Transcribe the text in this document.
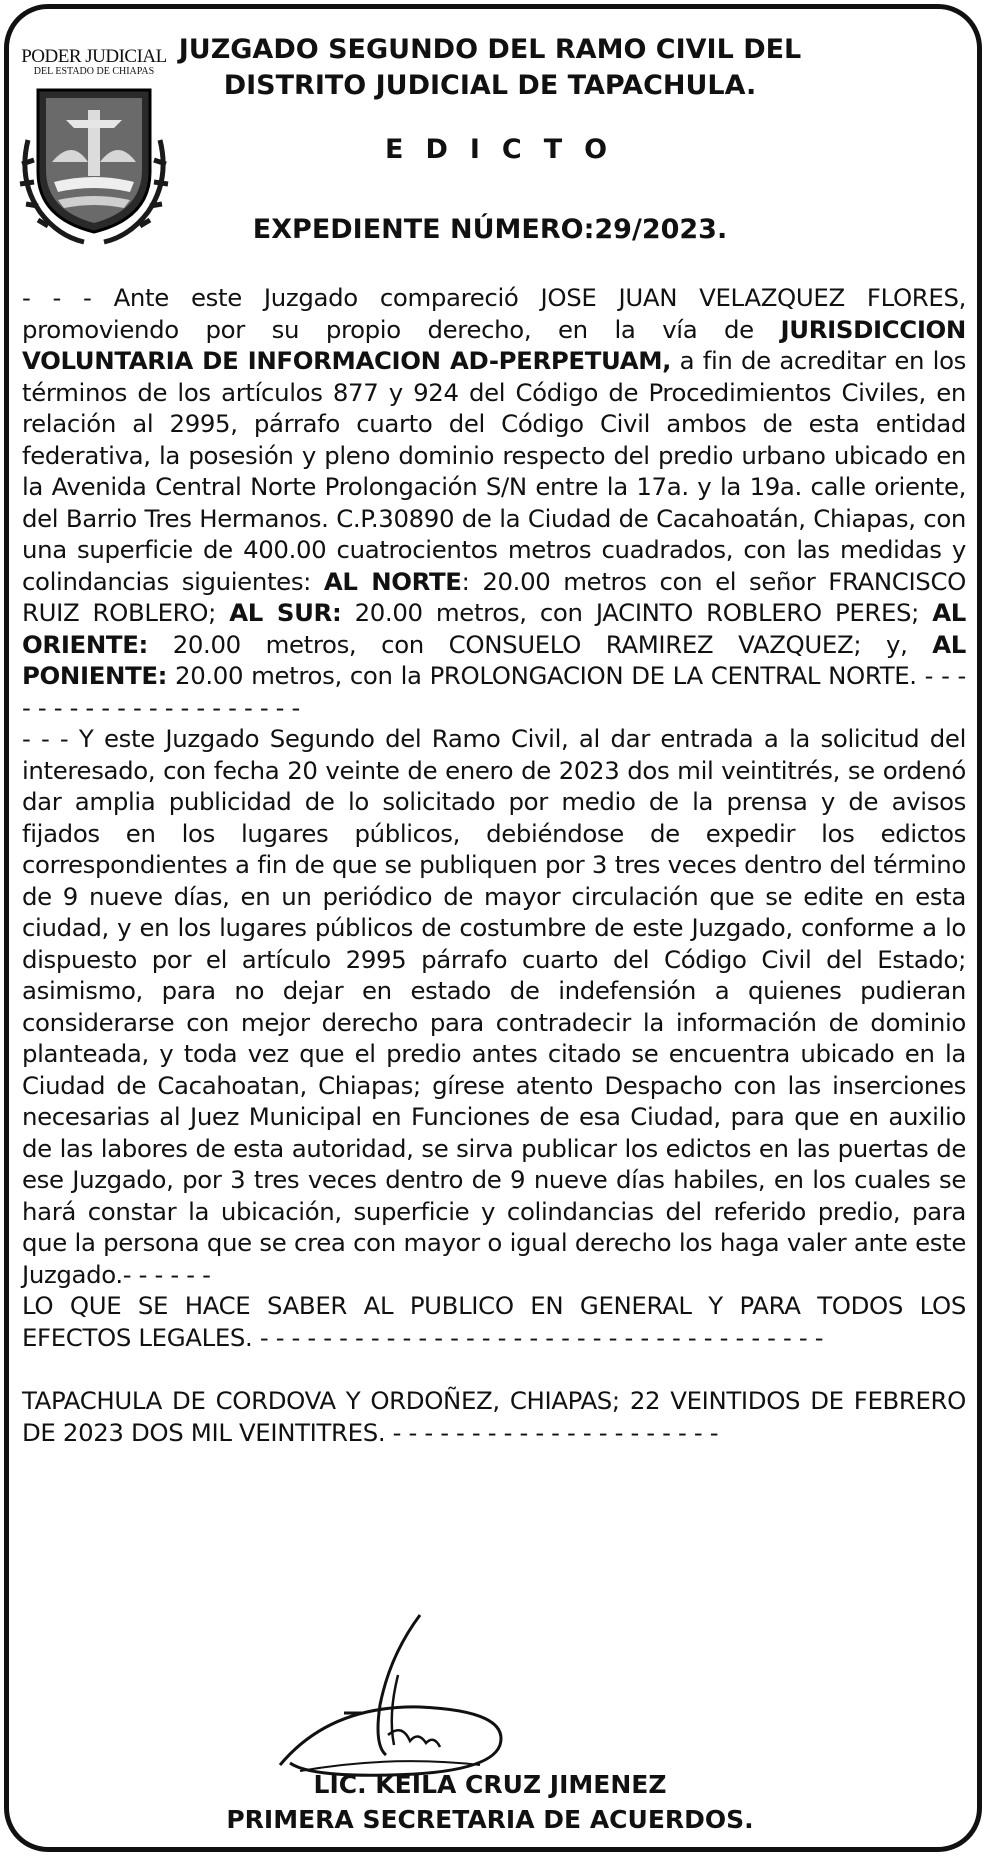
PODER JUDICIAL
DEL ESTADO DE CHIAPAS
JUZGADO SEGUNDO DEL RAMO CIVIL DEL
DISTRITO JUDICIAL DE TAPACHULA.
EDICTO
EXPEDIENTE NÚMERO:29/2023.

- - - Ante este Juzgado compareció JOSE JUAN VELAZQUEZ FLORES, promoviendo por su propio derecho, en la vía de JURISDICCION VOLUNTARIA DE INFORMACION AD-PERPETUAM, a fin de acreditar en los términos de los artículos 877 y 924 del Código de Procedimientos Civiles, en relación al 2995, párrafo cuarto del Código Civil ambos de esta entidad federativa, la posesión y pleno dominio respecto del predio urbano ubicado en la Avenida Central Norte Prolongación S/N entre la 17a. y la 19a. calle oriente, del Barrio Tres Hermanos. C.P.30890 de la Ciudad de Cacahoatán, Chiapas, con una superficie de 400.00 cuatrocientos metros cuadrados, con las medidas y colindancias siguientes: AL NORTE: 20.00 metros con el señor FRANCISCO RUIZ ROBLERO; AL SUR: 20.00 metros, con JACINTO ROBLERO PERES; AL ORIENTE: 20.00 metros, con CONSUELO RAMIREZ VAZQUEZ; y, AL PONIENTE: 20.00 metros, con la PROLONGACION DE LA CENTRAL NORTE. - - - - - - - - - - - - - - - - - - - - -

- - - Y este Juzgado Segundo del Ramo Civil, al dar entrada a la solicitud del interesado, con fecha 20 veinte de enero de 2023 dos mil veintitrés, se ordenó dar amplia publicidad de lo solicitado por medio de la prensa y de avisos fijados en los lugares públicos, debiéndose de expedir los edictos correspondientes a fin de que se publiquen por 3 tres veces dentro del término de 9 nueve días, en un periódico de mayor circulación que se edite en esta ciudad, y en los lugares públicos de costumbre de este Juzgado, conforme a lo dispuesto por el artículo 2995 párrafo cuarto del Código Civil del Estado; asimismo, para no dejar en estado de indefensión a quienes pudieran considerarse con mejor derecho para contradecir la información de dominio planteada, y toda vez que el predio antes citado se encuentra ubicado en la Ciudad de Cacahoatan, Chiapas; gírese atento Despacho con las inserciones necesarias al Juez Municipal en Funciones de esa Ciudad, para que en auxilio de las labores de esta autoridad, se sirva publicar los edictos en las puertas de ese Juzgado, por 3 tres veces dentro de 9 nueve días habiles, en los cuales se hará constar la ubicación, superficie y colindancias del referido predio, para que la persona que se crea con mayor o igual derecho los haga valer ante este Juzgado.- - - - - -

LO QUE SE HACE SABER AL PUBLICO EN GENERAL Y PARA TODOS LOS EFECTOS LEGALES. - - - - - - - - - - - - - - - - - - - - - - - - - - - - - - - - - - - -

TAPACHULA DE CORDOVA Y ORDOÑEZ, CHIAPAS; 22 VEINTIDOS DE FEBRERO DE 2023 DOS MIL VEINTITRES. - - - - - - - - - - - - - - - - - - - - -

LIC. KEILA CRUZ JIMENEZ
PRIMERA SECRETARIA DE ACUERDOS.
